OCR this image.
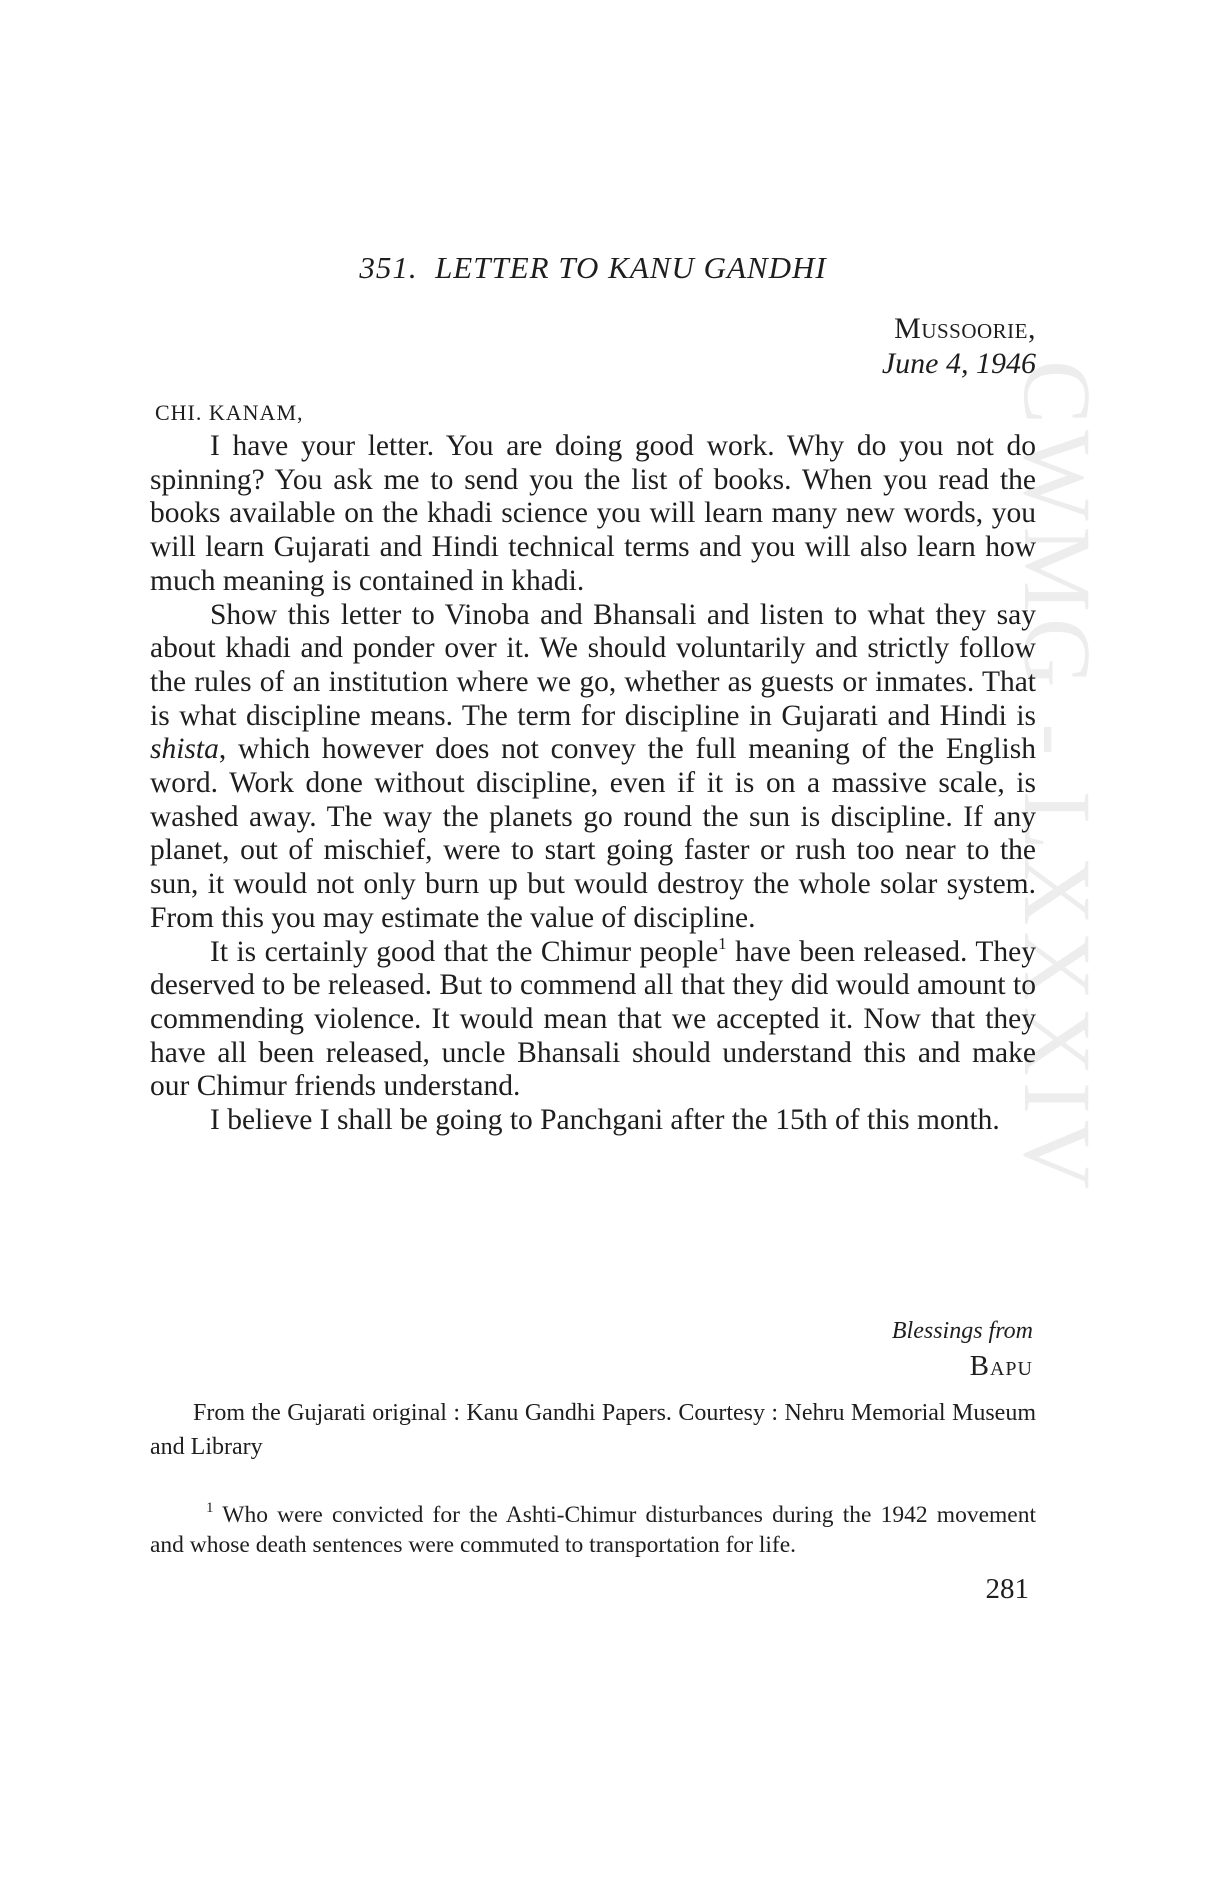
CWMG - LXXXIV
351. LETTER TO KANU GANDHI

Mussoorie,

June 4, 1946

CHI. KANAM,

I have your letter. You are doing good work. Why do you not do spinning? You ask me to send you the list of books. When you read the books available on the khadi science you will learn many new words, you will learn Gujarati and Hindi technical terms and you will also learn how much meaning is contained in khadi.

Show this letter to Vinoba and Bhansali and listen to what they say about khadi and ponder over it. We should voluntarily and strictly follow the rules of an institution where we go, whether as guests or inmates. That is what discipline means. The term for discipline in Gujarati and Hindi is shista, which however does not convey the full meaning of the English word. Work done without discipline, even if it is on a massive scale, is washed away. The way the planets go round the sun is discipline. If any planet, out of mischief, were to start going faster or rush too near to the sun, it would not only burn up but would destroy the whole solar system. From this you may estimate the value of discipline.

It is certainly good that the Chimur people$^1$ have been released. They deserved to be released. But to commend all that they did would amount to commending violence. It would mean that we accepted it. Now that they have all been released, uncle Bhansali should understand this and make our Chimur friends understand.

I believe I shall be going to Panchgani after the 15th of this month.

Blessings from

Bapu

From the Gujarati original : Kanu Gandhi Papers. Courtesy : Nehru Memorial Museum and Library

$^1$ Who were convicted for the Ashti-Chimur disturbances during the 1942 movement and whose death sentences were commuted to transportation for life.

281
